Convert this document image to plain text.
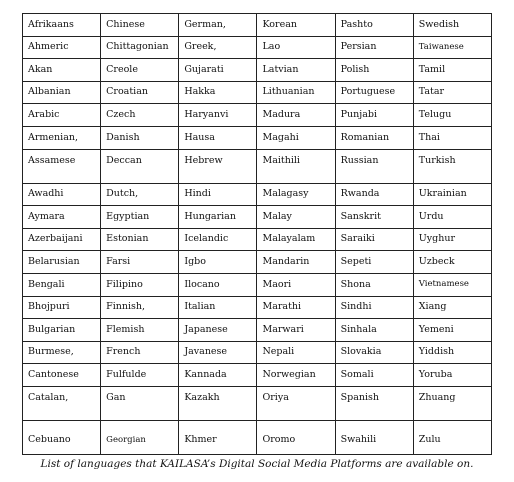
Afrikaans	Chinese	German,	Korean	Pashto	Swedish
Ahmeric	Chittagonian	Greek,	Lao	Persian	Taiwanese
Akan	Creole	Gujarati	Latvian	Polish	Tamil
Albanian	Croatian	Hakka	Lithuanian	Portuguese	Tatar
Arabic	Czech	Haryanvi	Madura	Punjabi	Telugu
Armenian,	Danish	Hausa	Magahi	Romanian	Thai
Assamese	Deccan	Hebrew	Maithili	Russian	Turkish
Awadhi	Dutch,	Hindi	Malagasy	Rwanda	Ukrainian
Aymara	Egyptian	Hungarian	Malay	Sanskrit	Urdu
Azerbaijani	Estonian	Icelandic	Malayalam	Saraiki	Uyghur
Belarusian	Farsi	Igbo	Mandarin	Sepeti	Uzbeck
Bengali	Filipino	Ilocano	Maori	Shona	Vietnamese
Bhojpuri	Finnish,	Italian	Marathi	Sindhi	Xiang
Bulgarian	Flemish	Japanese	Marwari	Sinhala	Yemeni
Burmese,	French	Javanese	Nepali	Slovakia	Yiddish
Cantonese	Fulfulde	Kannada	Norwegian	Somali	Yoruba
Catalan,	Gan	Kazakh	Oriya	Spanish	Zhuang
Cebuano	Georgian	Khmer	Oromo	Swahili	Zulu
List of languages that KAILASA’s Digital Social Media Platforms are available on.
